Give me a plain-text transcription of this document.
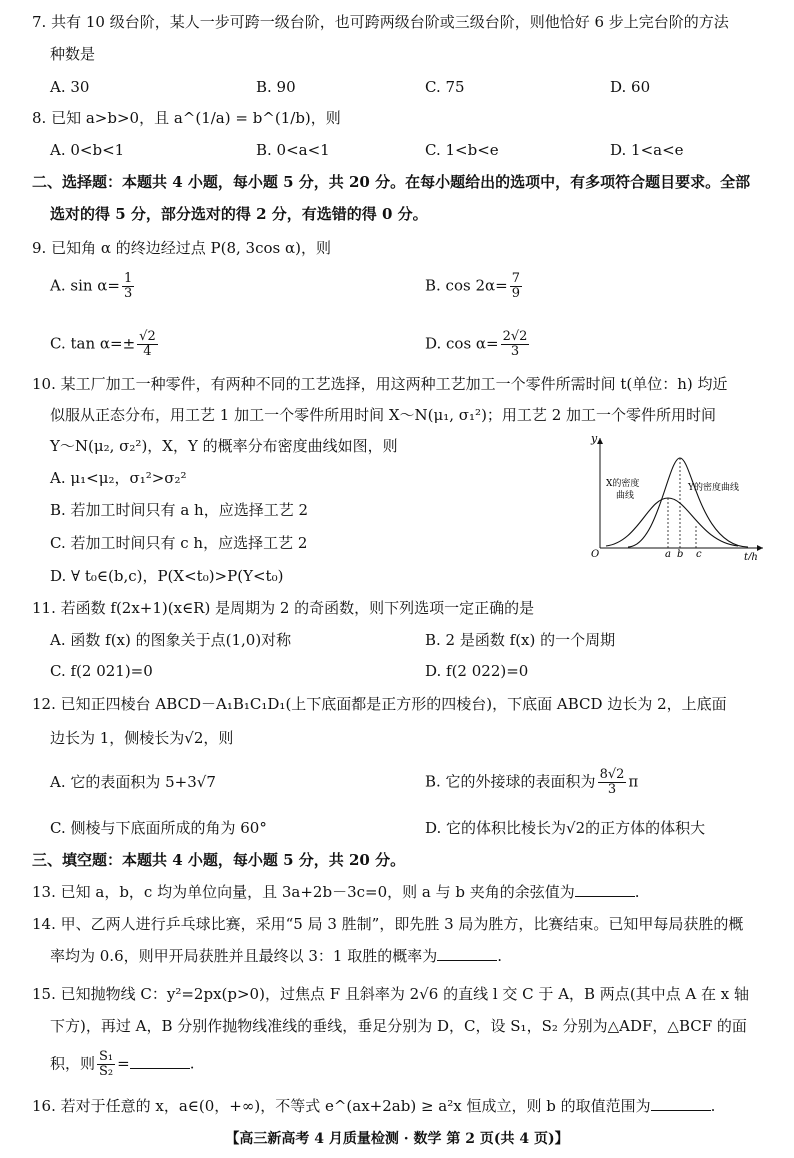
7. 共有 10 级台阶，某人一步可跨一级台阶，也可跨两级台阶或三级台阶，则他恰好 6 步上完台阶的方法
种数是
A. 30	B. 90	C. 75	D. 60
8. 已知 a>b>0，且 a^(1/a) = b^(1/b)，则
A. 0<b<1	B. 0<a<1	C. 1<b<e	D. 1<a<e
二、选择题：本题共 4 小题，每小题 5 分，共 20 分。在每小题给出的选项中，有多项符合题目要求。全部
选对的得 5 分，部分选对的得 2 分，有选错的得 0 分。
9. 已知角 α 的终边经过点 P(8, 3cos α)，则
A. $\sin \alpha= \frac{1}{3}$	B. $\cos 2\alpha= \frac{7}{9}$
C. $\tan \alpha=\pm \frac{√2}{4}$	D. $\cos \alpha= \frac{2√2}{3}$
10. 某工厂加工一种零件，有两种不同的工艺选择，用这两种工艺加工一个零件所需时间 t(单位：h) 均近
似服从正态分布，用工艺 1 加工一个零件所用时间 X～N(μ₁, σ₁²)；用工艺 2 加工一个零件所用时间
Y～N(μ₂, σ₂²)，X，Y 的概率分布密度曲线如图，则
A. μ₁<μ₂，σ₁²>σ₂²
B. 若加工时间只有 a h，应选择工艺 2
C. 若加工时间只有 c h，应选择工艺 2
D. ∀ t₀∈(b,c)，P(X<t₀)>P(Y<t₀)
y
t/h
O	a b c
X的密度
曲线
Y的密度曲线
11. 若函数 f(2x+1)(x∈R) 是周期为 2 的奇函数，则下列选项一定正确的是
A. 函数 f(x) 的图象关于点(1,0)对称	B. 2 是函数 f(x) 的一个周期
C. f(2 021)=0	D. f(2 022)=0
12. 已知正四棱台 ABCD－A₁B₁C₁D₁(上下底面都是正方形的四棱台)，下底面 ABCD 边长为 2，上底面
边长为 1，侧棱长为√2，则
A. 它的表面积为 5+3√7	B. 它的外接球的表面积为 $\frac{8√2}{3}$ π
C. 侧棱与下底面所成的角为 60°	D. 它的体积比棱长为√2的正方体的体积大
三、填空题：本题共 4 小题，每小题 5 分，共 20 分。
13. 已知 a，b，c 均为单位向量，且 3a+2b－3c=0，则 a 与 b 夹角的余弦值为	.
14. 甲、乙两人进行乒乓球比赛，采用“5 局 3 胜制”，即先胜 3 局为胜方，比赛结束。已知甲每局获胜的概
率均为 0.6，则甲开局获胜并且最终以 3：1 取胜的概率为	.
15. 已知抛物线 C：y²=2px(p>0)，过焦点 F 且斜率为 2√6 的直线 l 交 C 于 A，B 两点(其中点 A 在 x 轴
下方)，再过 A，B 分别作抛物线准线的垂线，垂足分别为 D，C，设 S₁，S₂ 分别为△ADF，△BCF 的面
积，则 $\frac{\text{S₁}}{\text{S₂}}$ =	.
16. 若对于任意的 x，a∈(0，+∞)，不等式 e^(ax+2ab) ≥ a²x 恒成立，则 b 的取值范围为	.
【高三新高考 4 月质量检测 · 数学 第 2 页(共 4 页)】
